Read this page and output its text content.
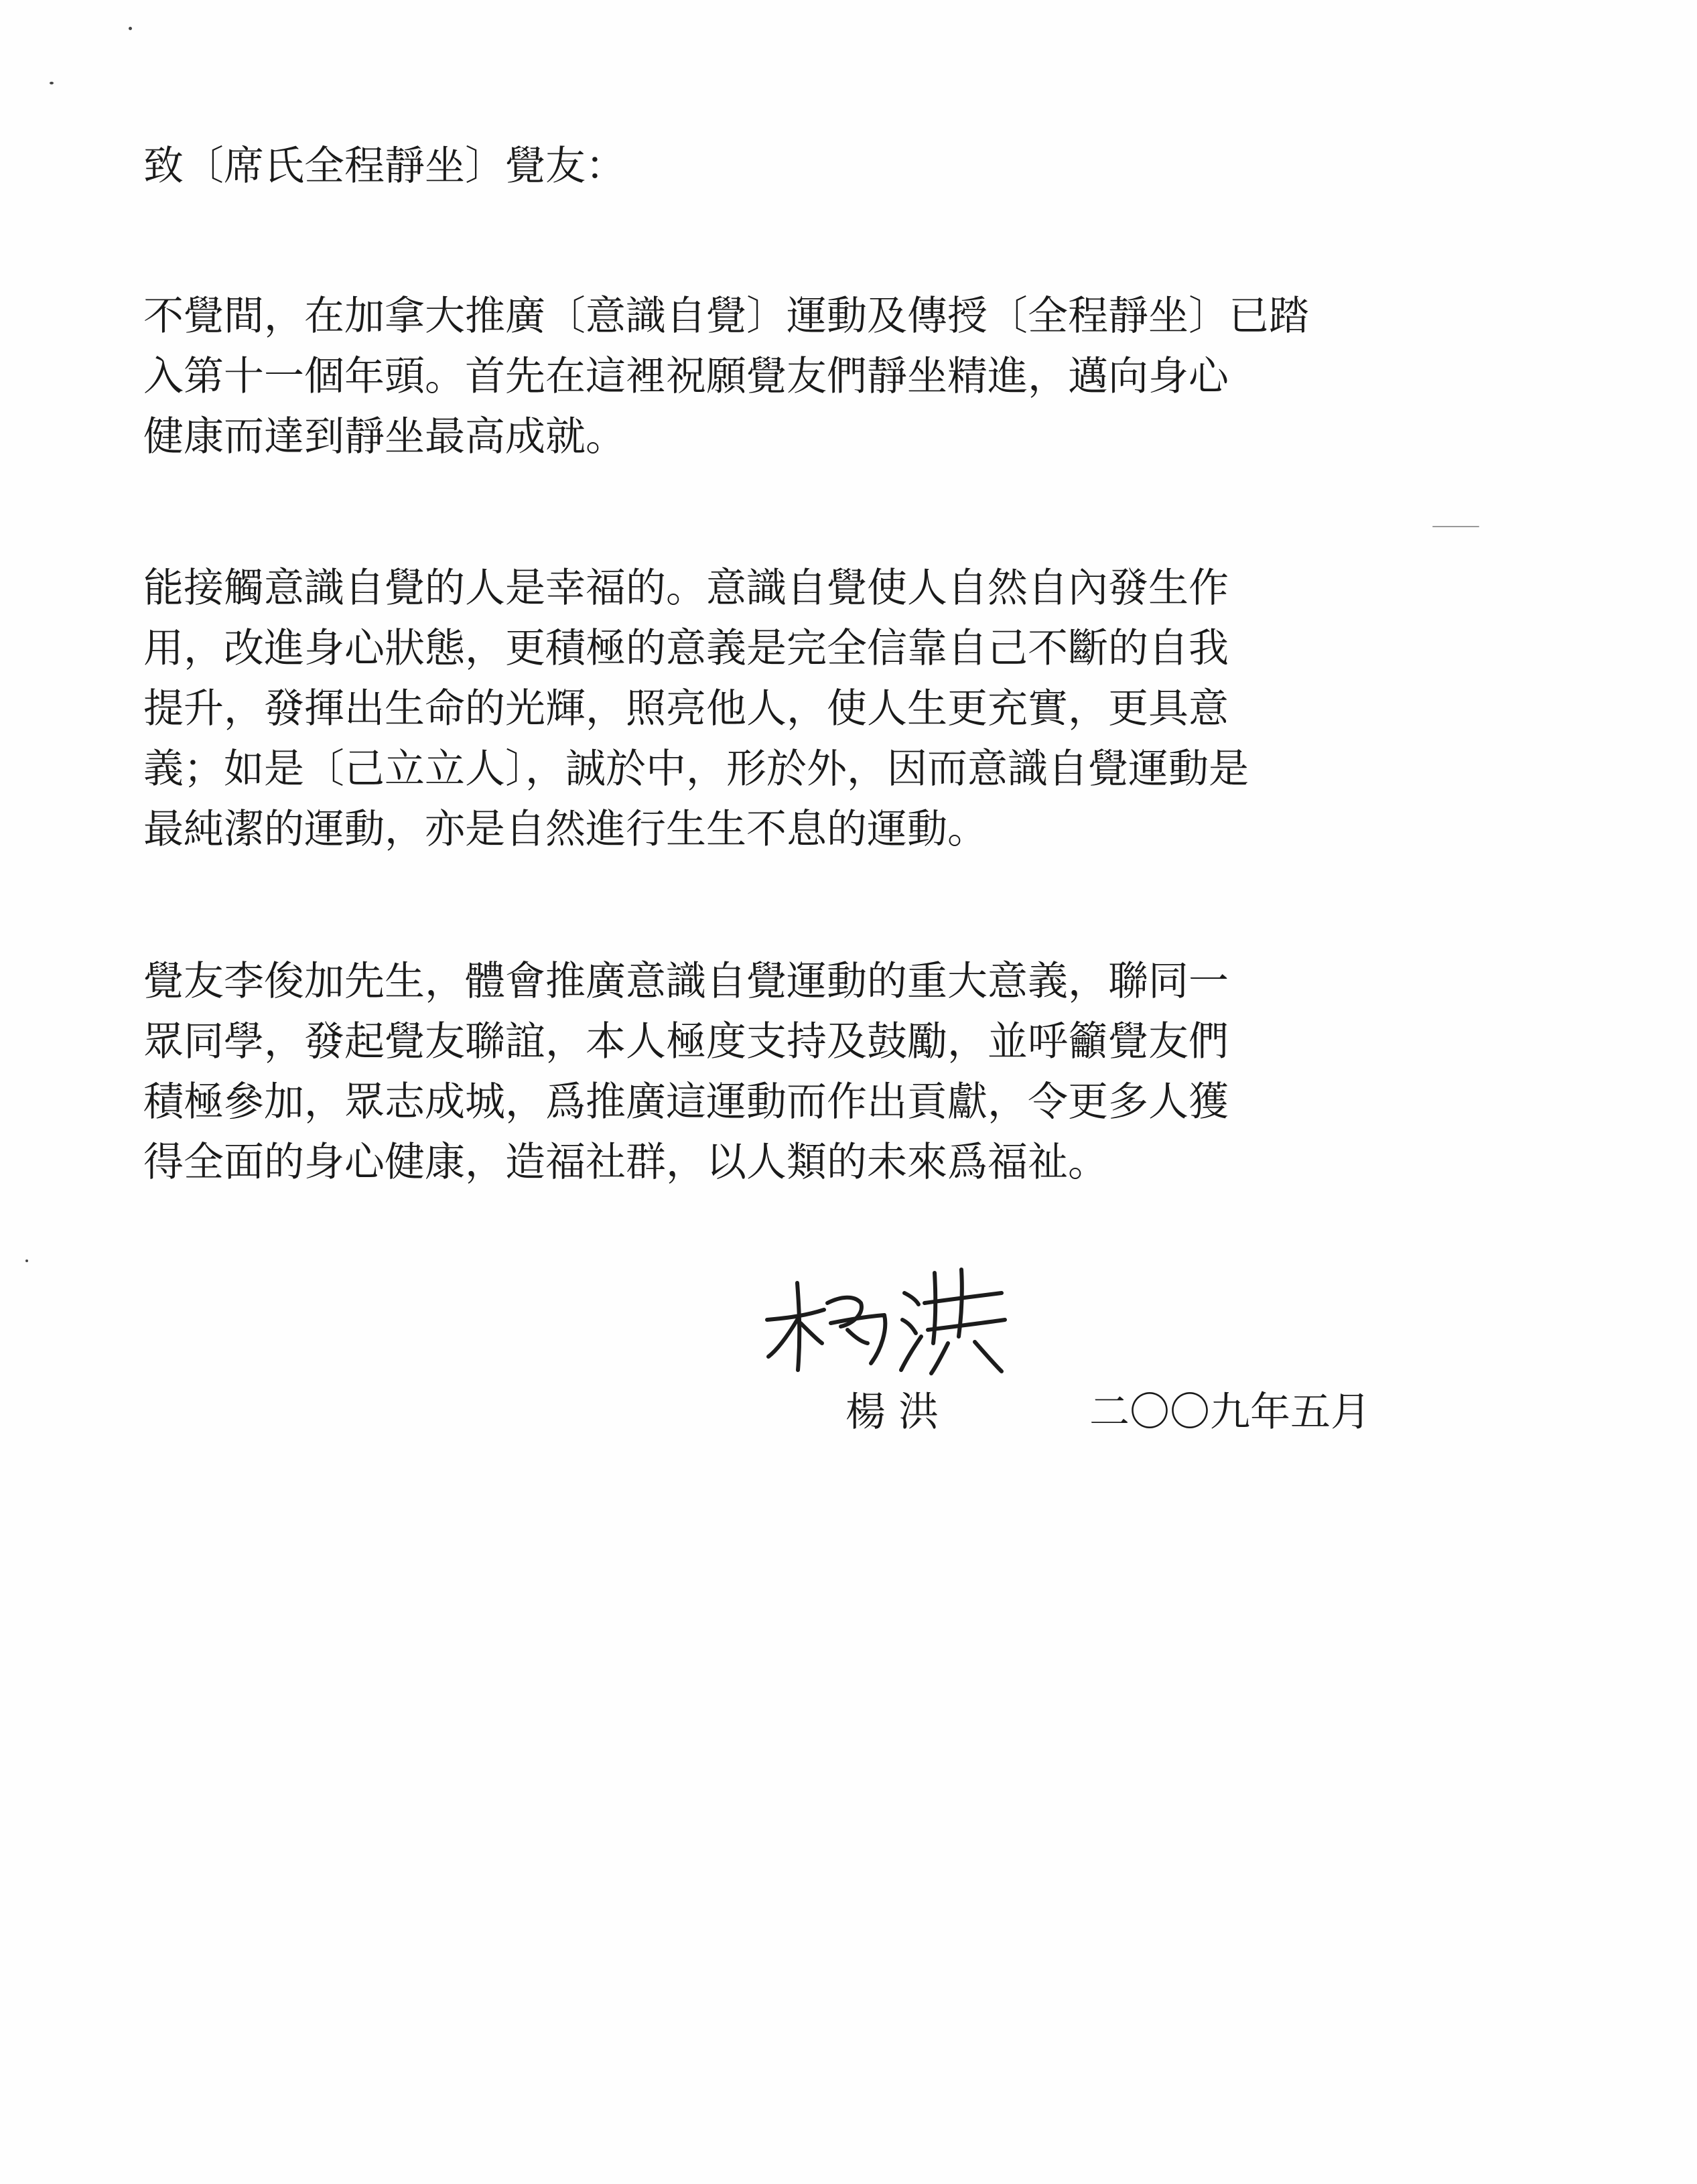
致〔席氏全程靜坐〕覺友：
不覺間，在加拿大推廣〔意識自覺〕運動及傳授〔全程靜坐〕已踏
入第十一個年頭。首先在這裡祝願覺友們靜坐精進，邁向身心
健康而達到靜坐最高成就。
能接觸意識自覺的人是幸福的。意識自覺使人自然自內發生作
用，改進身心狀態，更積極的意義是完全信靠自己不斷的自我
提升，發揮出生命的光輝，照亮他人，使人生更充實，更具意
義；如是〔己立立人〕，誠於中，形於外，因而意識自覺運動是
最純潔的運動，亦是自然進行生生不息的運動。
覺友李俊加先生，體會推廣意識自覺運動的重大意義，聯同一
眾同學，發起覺友聯誼，本人極度支持及鼓勵，並呼籲覺友們
積極參加，眾志成城，爲推廣這運動而作出貢獻，令更多人獲
得全面的身心健康，造福社群，以人類的未來爲福祉。
楊 洪	二〇〇九年五月
